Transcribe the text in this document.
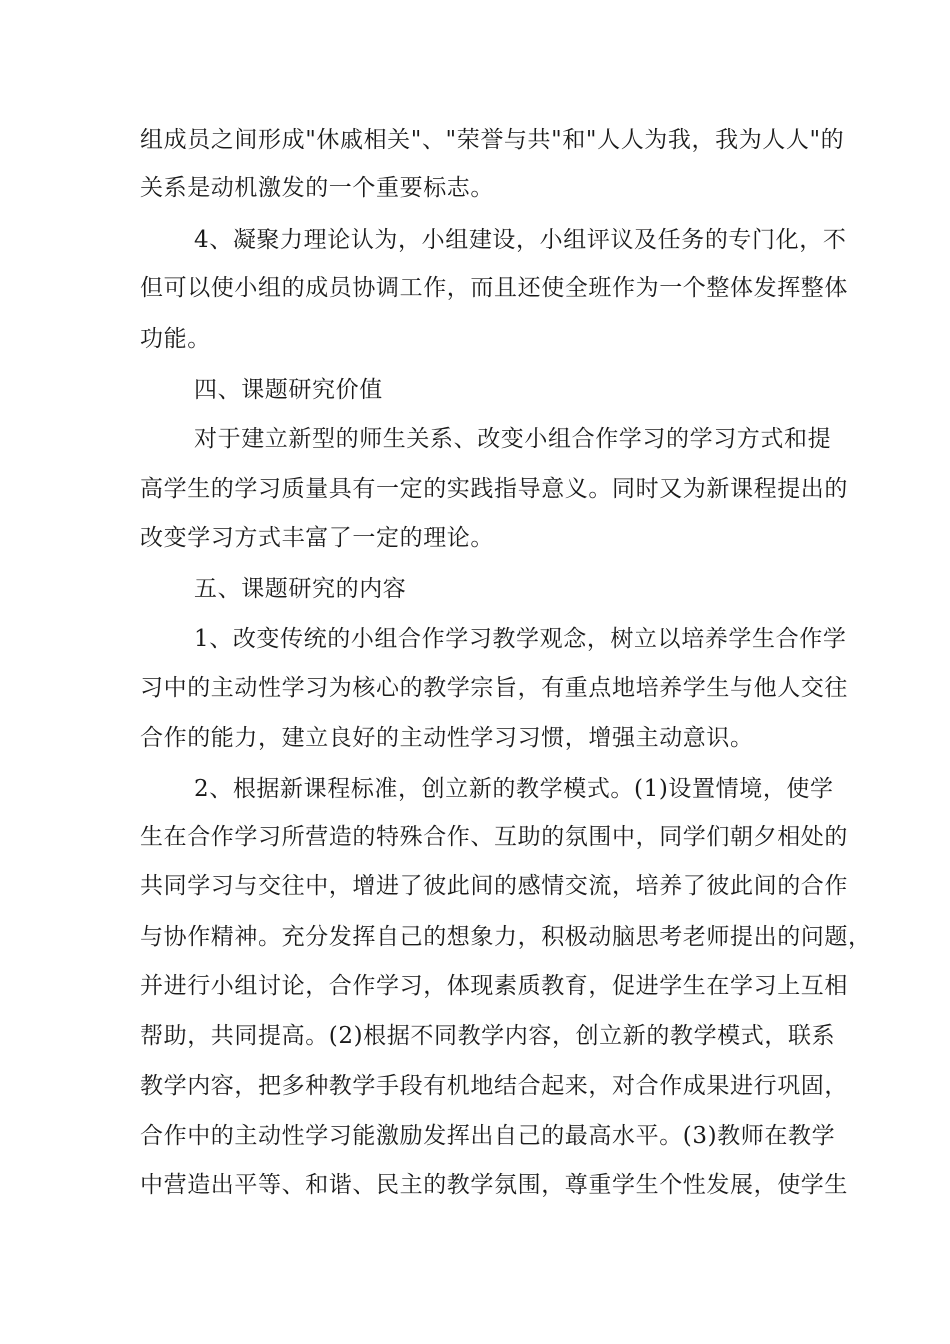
组成员之间形成"休戚相关"、"荣誉与共"和"人人为我，我为人人"的

关系是动机激发的一个重要标志。

4、凝聚力理论认为，小组建设，小组评议及任务的专门化，不

但可以使小组的成员协调工作，而且还使全班作为一个整体发挥整体

功能。

四、课题研究价值

对于建立新型的师生关系、改变小组合作学习的学习方式和提

高学生的学习质量具有一定的实践指导意义。同时又为新课程提出的

改变学习方式丰富了一定的理论。

五、课题研究的内容

1、改变传统的小组合作学习教学观念，树立以培养学生合作学

习中的主动性学习为核心的教学宗旨，有重点地培养学生与他人交往

合作的能力，建立良好的主动性学习习惯，增强主动意识。

2、根据新课程标准，创立新的教学模式。(1)设置情境，使学

生在合作学习所营造的特殊合作、互助的氛围中，同学们朝夕相处的

共同学习与交往中，增进了彼此间的感情交流，培养了彼此间的合作

与协作精神。充分发挥自己的想象力，积极动脑思考老师提出的问题，

并进行小组讨论，合作学习，体现素质教育，促进学生在学习上互相

帮助，共同提高。(2)根据不同教学内容，创立新的教学模式，联系

教学内容，把多种教学手段有机地结合起来，对合作成果进行巩固，

合作中的主动性学习能激励发挥出自己的最高水平。(3)教师在教学

中营造出平等、和谐、民主的教学氛围，尊重学生个性发展，使学生
